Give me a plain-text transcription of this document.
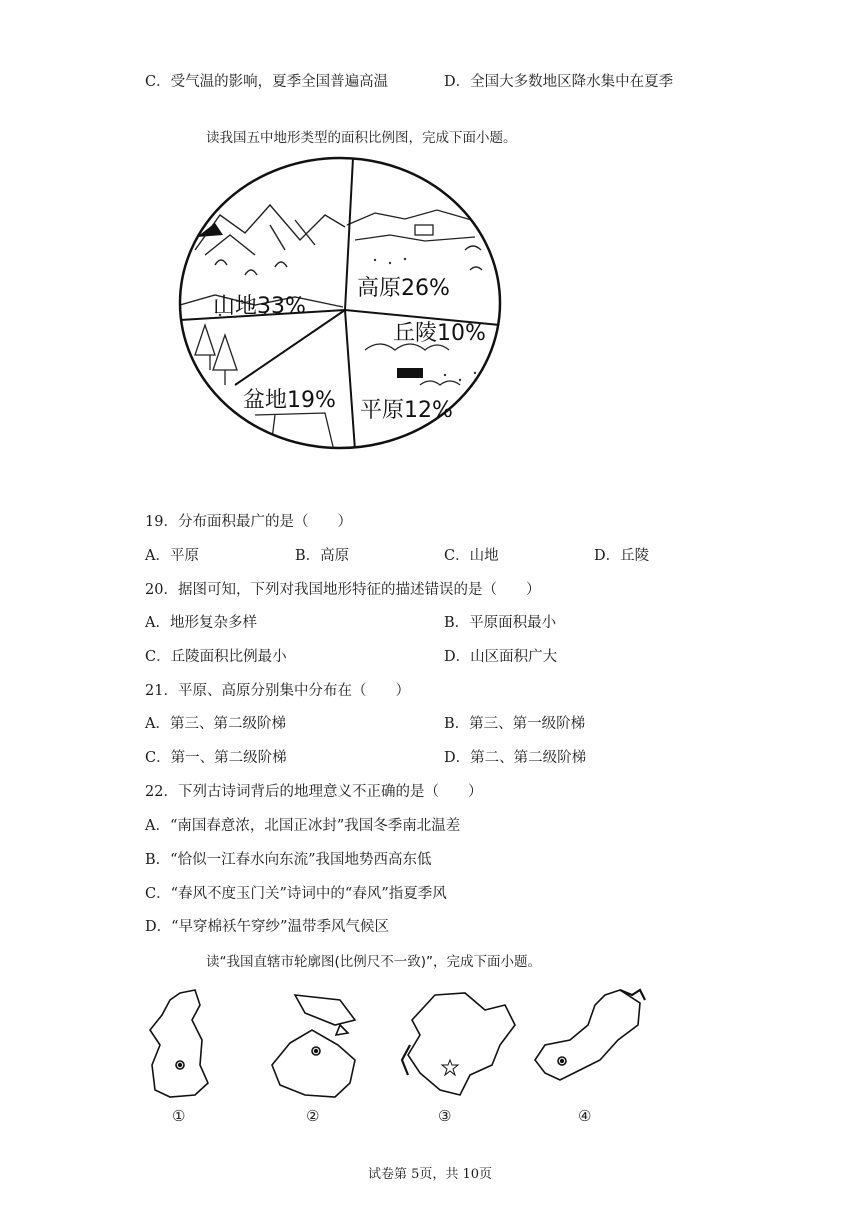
C．受气温的影响，夏季全国普遍高温	D．全国大多数地区降水集中在夏季
读我国五中地形类型的面积比例图，完成下面小题。
山地33%
高原26%
丘陵10%
盆地19% 平原12%
19．分布面积最广的是（　　）
A．平原	B．高原	C．山地	D．丘陵
20．据图可知，下列对我国地形特征的描述错误的是（　　）
A．地形复杂多样	B．平原面积最小
C．丘陵面积比例最小	D．山区面积广大
21．平原、高原分别集中分布在（　　）
A．第三、第二级阶梯	B．第三、第一级阶梯
C．第一、第二级阶梯	D．第二、第二级阶梯
22．下列古诗词背后的地理意义不正确的是（　　）
A．“南国春意浓，北国正冰封”我国冬季南北温差
B．“恰似一江春水向东流”我国地势西高东低
C．“春风不度玉门关”诗词中的“春风”指夏季风
D．“早穿棉袄午穿纱”温带季风气候区
读“我国直辖市轮廓图(比例尺不一致)”，完成下面小题。
①	②	③	④
试卷第 5页，共 10页
